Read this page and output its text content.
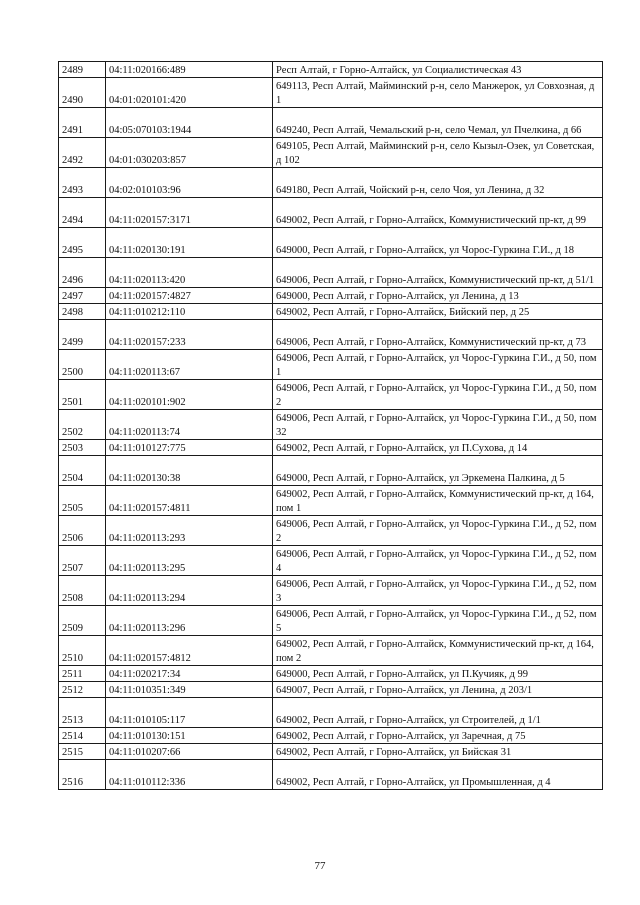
2489	04:11:020166:489	Респ Алтай, г Горно-Алтайск, ул Социалистическая 43
2490	04:01:020101:420	649113, Респ Алтай, Майминский р-н, село Манжерок, ул Совхозная, д 1
2491	04:05:070103:1944	649240, Респ Алтай, Чемальский р-н, село Чемал, ул Пчелкина, д 66
2492	04:01:030203:857	649105, Респ Алтай, Майминский р-н, село Кызыл-Озек, ул Советская, д 102
2493	04:02:010103:96	649180, Респ Алтай, Чойский р-н, село Чоя, ул Ленина, д 32
2494	04:11:020157:3171	649002, Респ Алтай, г Горно-Алтайск, Коммунистический пр-кт, д 99
2495	04:11:020130:191	649000, Респ Алтай, г Горно-Алтайск, ул Чорос-Гуркина Г.И., д 18
2496	04:11:020113:420	649006, Респ Алтай, г Горно-Алтайск, Коммунистический пр-кт, д 51/1
2497	04:11:020157:4827	649000, Респ Алтай, г Горно-Алтайск, ул Ленина, д 13
2498	04:11:010212:110	649002, Респ Алтай, г Горно-Алтайск, Бийский пер, д 25
2499	04:11:020157:233	649006, Респ Алтай, г Горно-Алтайск, Коммунистический пр-кт, д 73
2500	04:11:020113:67	649006, Респ Алтай, г Горно-Алтайск, ул Чорос-Гуркина Г.И., д 50, пом 1
2501	04:11:020101:902	649006, Респ Алтай, г Горно-Алтайск, ул Чорос-Гуркина Г.И., д 50, пом 2
2502	04:11:020113:74	649006, Респ Алтай, г Горно-Алтайск, ул Чорос-Гуркина Г.И., д 50, пом 32
2503	04:11:010127:775	649002, Респ Алтай, г Горно-Алтайск, ул П.Сухова, д 14
2504	04:11:020130:38	649000, Респ Алтай, г Горно-Алтайск, ул Эркемена Палкина, д 5
2505	04:11:020157:4811	649002, Респ Алтай, г Горно-Алтайск, Коммунистический пр-кт, д 164, пом 1
2506	04:11:020113:293	649006, Респ Алтай, г Горно-Алтайск, ул Чорос-Гуркина Г.И., д 52, пом 2
2507	04:11:020113:295	649006, Респ Алтай, г Горно-Алтайск, ул Чорос-Гуркина Г.И., д 52, пом 4
2508	04:11:020113:294	649006, Респ Алтай, г Горно-Алтайск, ул Чорос-Гуркина Г.И., д 52, пом 3
2509	04:11:020113:296	649006, Респ Алтай, г Горно-Алтайск, ул Чорос-Гуркина Г.И., д 52, пом 5
2510	04:11:020157:4812	649002, Респ Алтай, г Горно-Алтайск, Коммунистический пр-кт, д 164, пом 2
2511	04:11:020217:34	649000, Респ Алтай, г Горно-Алтайск, ул П.Кучияк, д 99
2512	04:11:010351:349	649007, Респ Алтай, г Горно-Алтайск, ул Ленина, д 203/1
2513	04:11:010105:117	649002, Респ Алтай, г Горно-Алтайск, ул Строителей, д 1/1
2514	04:11:010130:151	649002, Респ Алтай, г Горно-Алтайск, ул Заречная, д 75
2515	04:11:010207:66	649002, Респ Алтай, г Горно-Алтайск, ул Бийская 31
2516	04:11:010112:336	649002, Респ Алтай, г Горно-Алтайск, ул Промышленная, д 4
77
